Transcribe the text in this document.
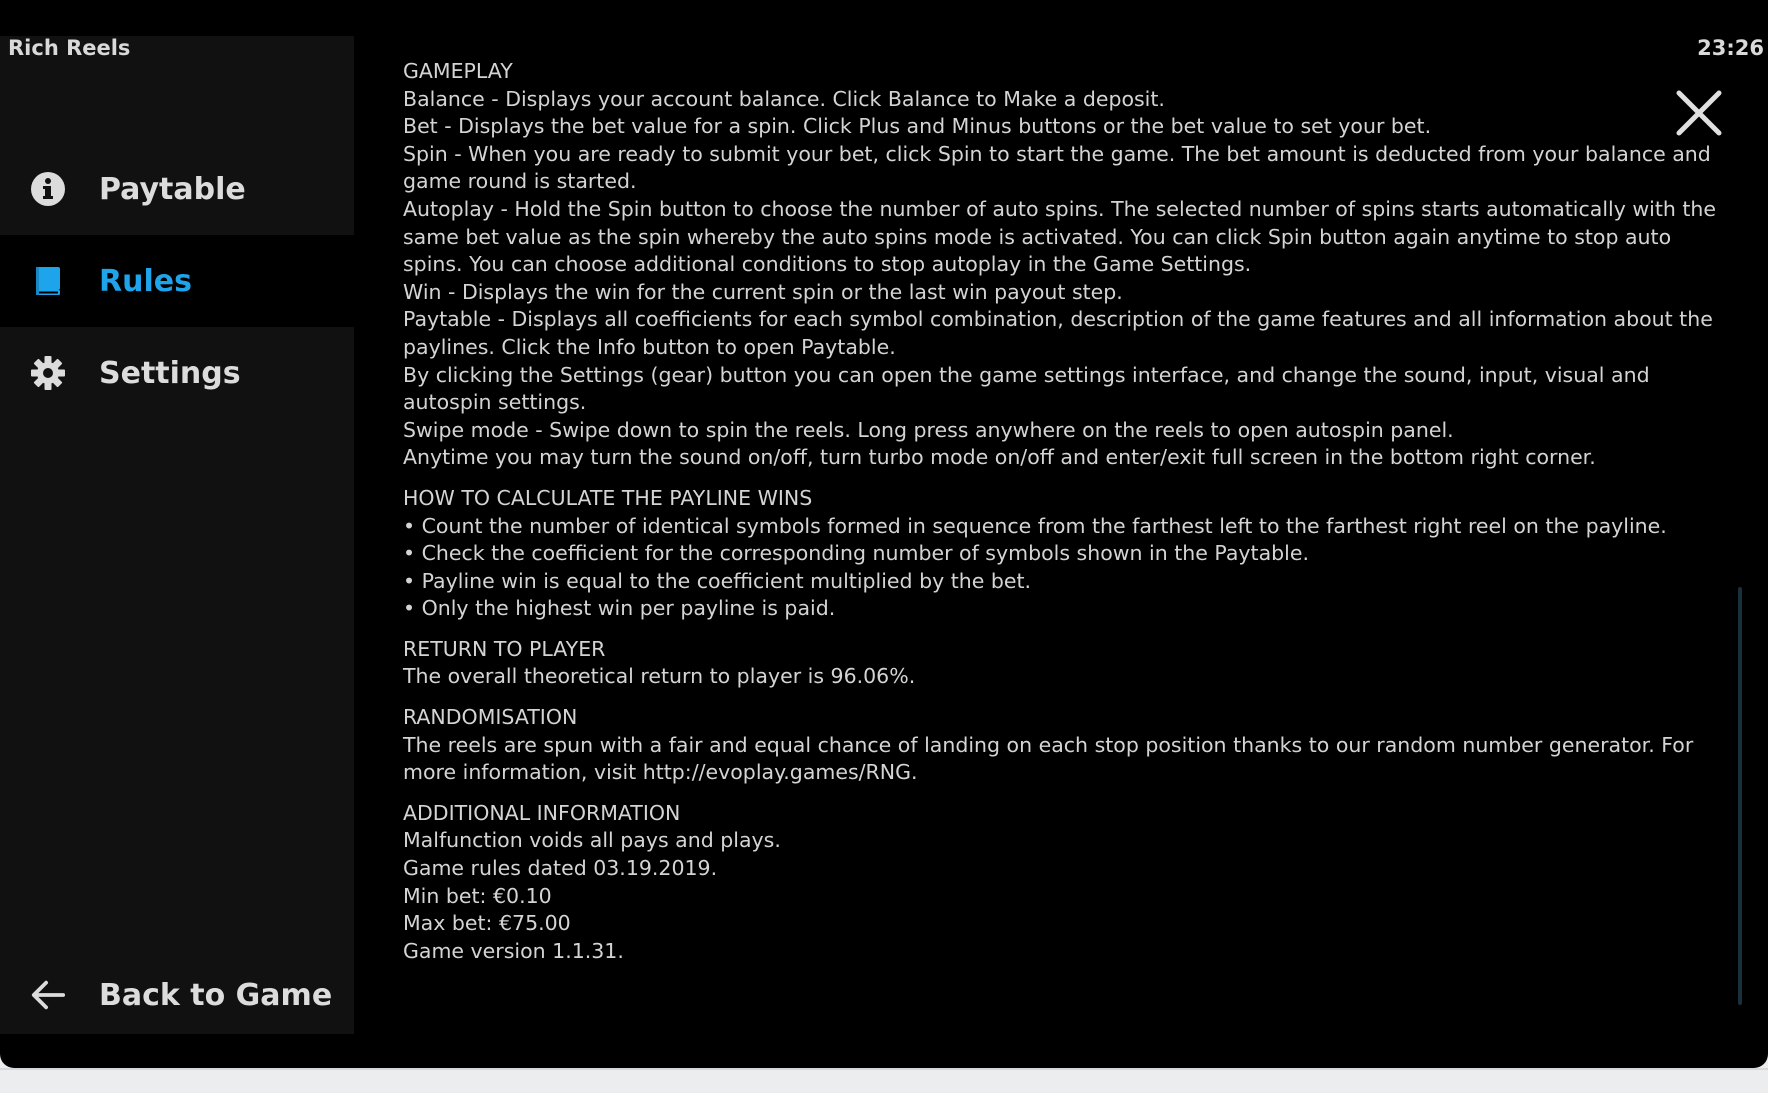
Paytable
Rules
Settings
Back to Game
Rich Reels	23:26

GAMEPLAY

Balance - Displays your account balance. Click Balance to Make a deposit.

Bet - Displays the bet value for a spin. Click Plus and Minus buttons or the bet value to set your bet.

Spin - When you are ready to submit your bet, click Spin to start the game. The bet amount is deducted from your balance and game round is started.

Autoplay - Hold the Spin button to choose the number of auto spins. The selected number of spins starts automatically with the same bet value as the spin whereby the auto spins mode is activated. You can click Spin button again anytime to stop auto spins. You can choose additional conditions to stop autoplay in the Game Settings.

Win - Displays the win for the current spin or the last win payout step.

Paytable - Displays all coefficients for each symbol combination, description of the game features and all information about the paylines. Click the Info button to open Paytable.

By clicking the Settings (gear) button you can open the game settings interface, and change the sound, input, visual and autospin settings.

Swipe mode - Swipe down to spin the reels. Long press anywhere on the reels to open autospin panel.

Anytime you may turn the sound on/off, turn turbo mode on/off and enter/exit full screen in the bottom right corner.

HOW TO CALCULATE THE PAYLINE WINS

• Count the number of identical symbols formed in sequence from the farthest left to the farthest right reel on the payline.

• Check the coefficient for the corresponding number of symbols shown in the Paytable.

• Payline win is equal to the coefficient multiplied by the bet.

• Only the highest win per payline is paid.

RETURN TO PLAYER

The overall theoretical return to player is 96.06%.

RANDOMISATION

The reels are spun with a fair and equal chance of landing on each stop position thanks to our random number generator. For more information, visit http://evoplay.games/RNG.

ADDITIONAL INFORMATION

Malfunction voids all pays and plays.

Game rules dated 03.19.2019.

Min bet: €0.10

Max bet: €75.00

Game version 1.1.31.
